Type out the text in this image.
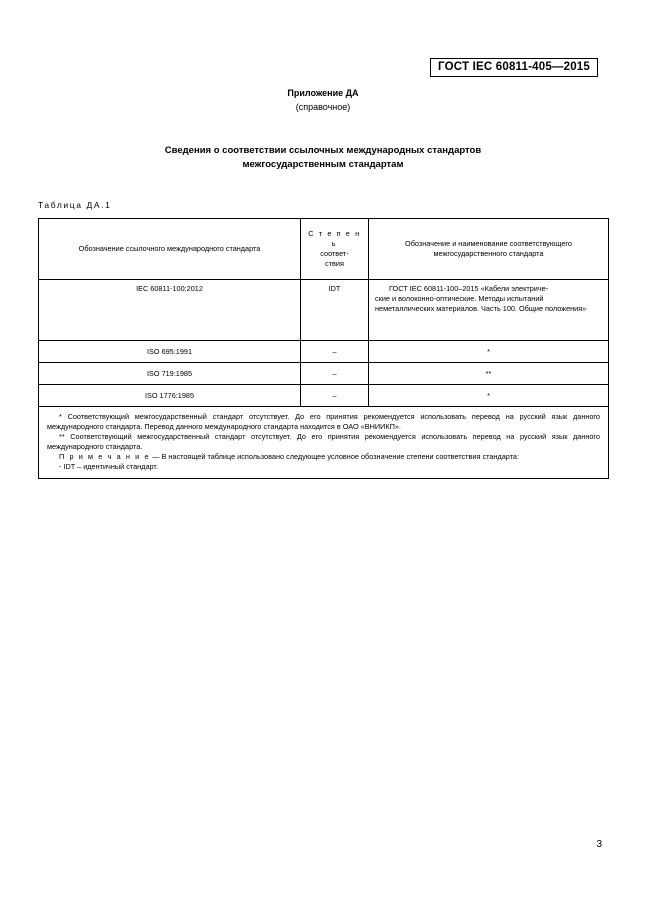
ГОСТ IEC 60811-405—2015
Приложение ДА
(справочное)
Сведения о соответствии ссылочных международных стандартов
межгосударственным стандартам
Таблица ДА.1
Обозначение ссылочного международного стандарта	С т е п е н ь
соответ-
ствия	Обозначение и наименование соответствующего
межгосударственного стандарта
IEC 60811-100:2012	IDT	ГОСТ IEC 60811-100–2015 «Кабели электриче-
ские и волоконно-оптические. Методы испытаний неметаллических материалов. Часть 100. Общие положения»
ISO 695:1991	–	*
ISO 719:1985	–	**
ISO 1776:1985	–	*

* Соответствующий межгосударственный стандарт отсутствует. До его принятия рекомендуется использовать перевод на русский язык данного международного стандарта. Перевод данного международного стандарта находится в ОАО «ВНИИКП».

** Соответствующий межгосударственный стандарт отсутствует. До его принятия рекомендуется использовать перевод на русский язык данного международного стандарта.

П р и м е ч а н и е — В настоящей таблице использовано следующее условное обозначение степени соответствия стандарта:

- IDT – идентичный стандарт.		

3
